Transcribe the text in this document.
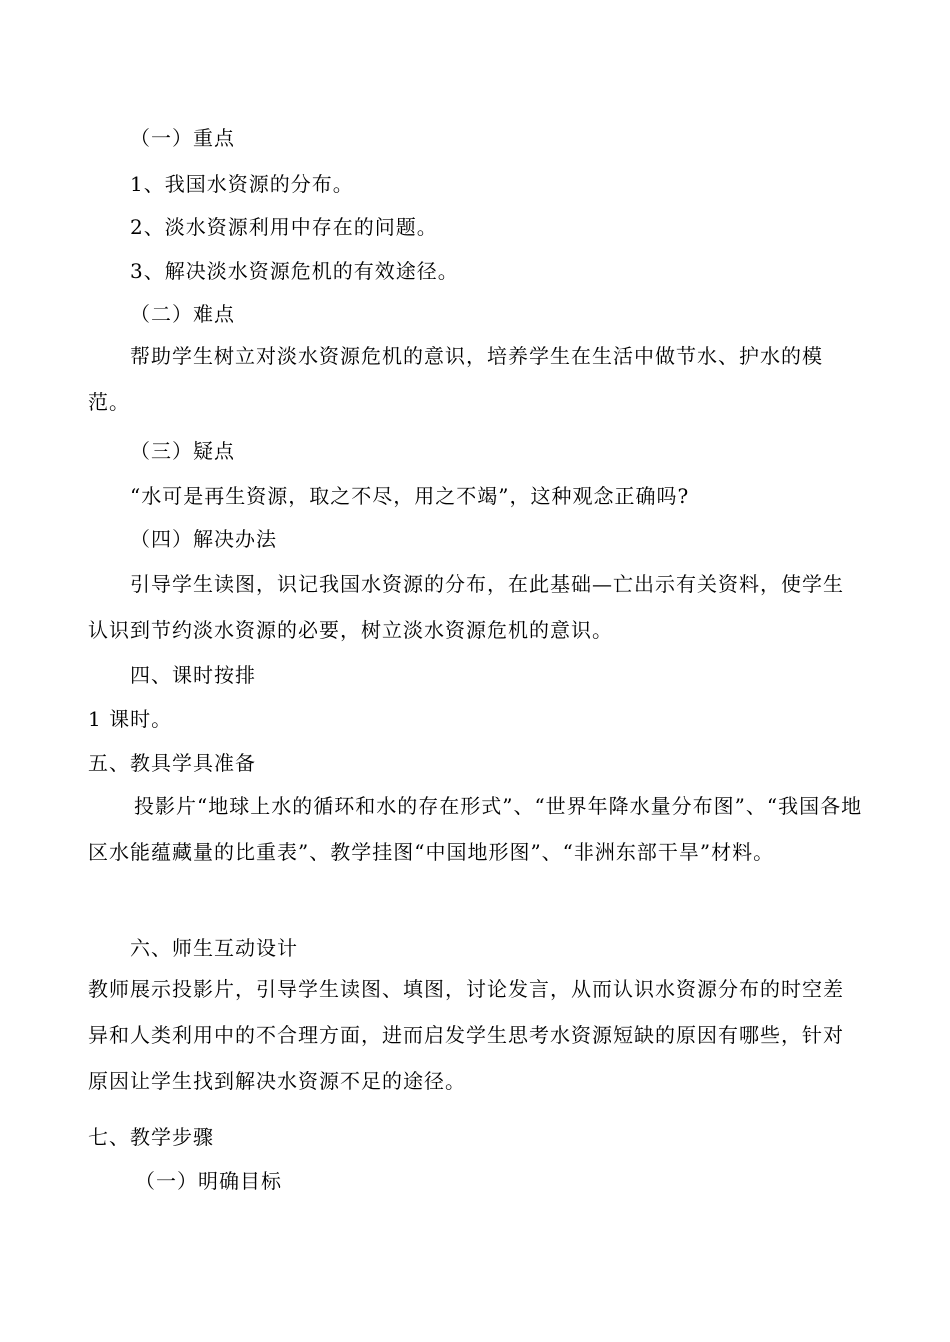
（一）重点
1、我国水资源的分布。
2、淡水资源利用中存在的问题。
3、解决淡水资源危机的有效途径。
（二）难点
帮助学生树立对淡水资源危机的意识，培养学生在生活中做节水、护水的模范。
（三）疑点
“水可是再生资源，取之不尽，用之不竭”，这种观念正确吗?
（四）解决办法
引导学生读图，识记我国水资源的分布，在此基础—亡出示有关资料，使学生认识到节约淡水资源的必要，树立淡水资源危机的意识。
四、课时按排
1 课时。
五、教具学具准备
投影片“地球上水的循环和水的存在形式”、“世界年降水量分布图”、“我国各地区水能蕴藏量的比重表”、教学挂图“中国地形图”、“非洲东部干旱”材料。
六、师生互动设计
教师展示投影片，引导学生读图、填图，讨论发言，从而认识水资源分布的时空差异和人类利用中的不合理方面，进而启发学生思考水资源短缺的原因有哪些，针对原因让学生找到解决水资源不足的途径。
七、教学步骤
（一）明确目标
